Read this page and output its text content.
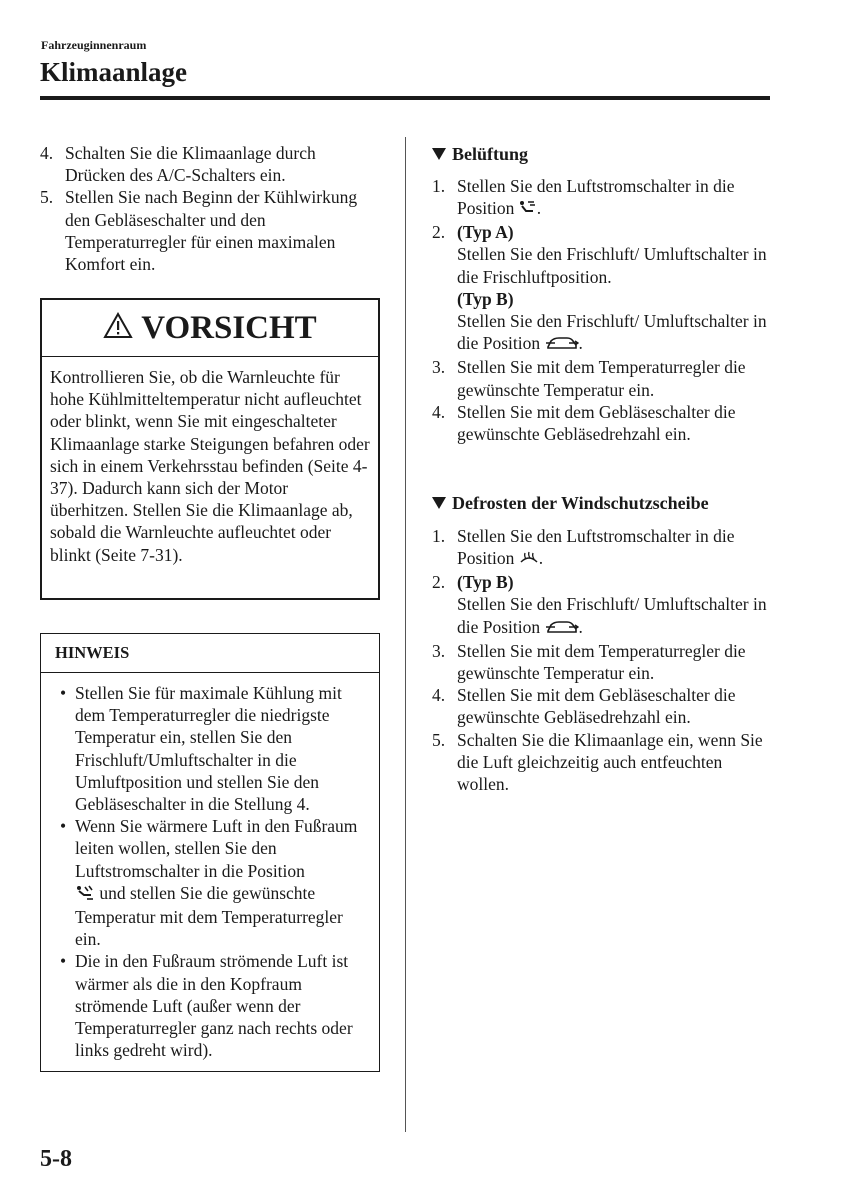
Fahrzeuginnenraum
Klimaanlage
4. Schalten Sie die Klimaanlage durch Drücken des A/C-Schalters ein.
5. Stellen Sie nach Beginn der Kühlwirkung den Gebläseschalter und den Temperaturregler für einen maximalen Komfort ein.
VORSICHT
Kontrollieren Sie, ob die Warnleuchte für hohe Kühlmitteltemperatur nicht aufleuchtet oder blinkt, wenn Sie mit eingeschalteter Klimaanlage starke Steigungen befahren oder sich in einem Verkehrsstau befinden (Seite 4-37). Dadurch kann sich der Motor überhitzen. Stellen Sie die Klimaanlage ab, sobald die Warnleuchte aufleuchtet oder blinkt (Seite 7-31).
HINWEIS
• Stellen Sie für maximale Kühlung mit dem Temperaturregler die niedrigste Temperatur ein, stellen Sie den Frischluft/Umluftschalter in die Umluftposition und stellen Sie den Gebläseschalter in die Stellung 4.
• Wenn Sie wärmere Luft in den Fußraum leiten wollen, stellen Sie den Luftstromschalter in die Position
und stellen Sie die gewünschte Temperatur mit dem Temperaturregler ein.
• Die in den Fußraum strömende Luft ist wärmer als die in den Kopfraum strömende Luft (außer wenn der Temperaturregler ganz nach rechts oder links gedreht wird).
Belüftung
1. Stellen Sie den Luftstromschalter in die Position .
2. (Typ A)
Stellen Sie den Frischluft/ Umluftschalter in die Frischluftposition.
(Typ B)
Stellen Sie den Frischluft/ Umluftschalter in die Position .
3. Stellen Sie mit dem Temperaturregler die gewünschte Temperatur ein.
4. Stellen Sie mit dem Gebläseschalter die gewünschte Gebläsedrehzahl ein.
Defrosten der Windschutzscheibe
1. Stellen Sie den Luftstromschalter in die Position .
2. (Typ B)
Stellen Sie den Frischluft/ Umluftschalter in die Position .
3. Stellen Sie mit dem Temperaturregler die gewünschte Temperatur ein.
4. Stellen Sie mit dem Gebläseschalter die gewünschte Gebläsedrehzahl ein.
5. Schalten Sie die Klimaanlage ein, wenn Sie die Luft gleichzeitig auch entfeuchten wollen.
5-8
